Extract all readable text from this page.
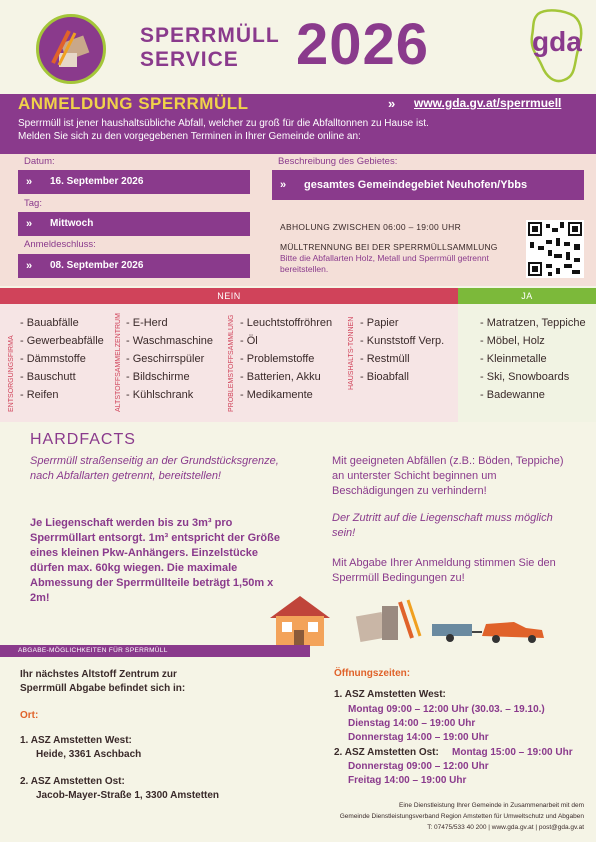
SPERRMÜLL
SERVICE 2026	gda
ANMELDUNG SPERRMÜLL	» www.gda.gv.at/sperrmuell
Sperrmüll ist jener haushaltsübliche Abfall, welcher zu groß für die Abfalltonnen zu Hause ist.
Melden Sie sich zu den vorgegebenen Terminen in Ihrer Gemeinde online an:
Datum:
» 16. September 2026
Tag:
» Mittwoch
Anmeldeschluss:
» 08. September 2026
Beschreibung des Gebietes:
» gesamtes Gemeindegebiet Neuhofen/Ybbs
ABHOLUNG ZWISCHEN 06:00 – 19:00 UHR
MÜLLTRENNUNG BEI DER SPERRMÜLLSAMMLUNG
Bitte die Abfallarten Holz, Metall und Sperrmüll getrennt bereitstellen.
NEIN	JA
ENTSORGUNGSFIRMA
- Bauabfälle
- Gewerbeabfälle
- Dämmstoffe
- Bauschutt
- Reifen	ALTSTOFFSAMMELZENTRUM - E-Herd
- Waschmaschine
- Geschirrspüler
- Bildschirme
- Kühlschrank	PROBLEMSTOFFSAMMLUNG	- Leuchtstoffröhren
- Öl
- Problemstoffe
- Batterien, Akku
- Medikamente
HAUSHALTS-TONNEN	- Papier
- Kunststoff Verp.
- Restmüll
- Bioabfall
- Matratzen, Teppiche
- Möbel, Holz
- Kleinmetalle
- Ski, Snowboards
- Badewanne
HARDFACTS
Sperrmüll straßenseitig an der Grundstücksgrenze, nach Abfallarten getrennt, bereitstellen!
Je Liegenschaft werden bis zu 3m³ pro Sperrmüllart entsorgt. 1m³ entspricht der Größe eines kleinen Pkw-Anhängers. Einzelstücke dürfen max. 60kg wiegen. Die maximale Abmessung der Sperrmüllteile beträgt 1,50m x 2m!
Mit geeigneten Abfällen (z.B.: Böden, Teppiche) an unterster Schicht beginnen um Beschädigungen zu verhindern!
Der Zutritt auf die Liegenschaft muss möglich sein!
Mit Abgabe Ihrer Anmeldung stimmen Sie den Sperrmüll Bedingungen zu!
ABGABE-MÖGLICHKEITEN FÜR SPERRMÜLL
Ihr nächstes Altstoff Zentrum zur
Sperrmüll Abgabe befindet sich in:
Ort:
1. ASZ Amstetten West:
Heide, 3361 Aschbach
2. ASZ Amstetten Ost:
Jacob-Mayer-Straße 1, 3300 Amstetten
Öffnungszeiten:
1. ASZ Amstetten West:
Montag 09:00 – 12:00 Uhr (30.03. – 19.10.)
Dienstag 14:00 – 19:00 Uhr
Donnerstag 14:00 – 19:00 Uhr
2. ASZ Amstetten Ost: Montag 15:00 – 19:00 Uhr
Donnerstag 09:00 – 12:00 Uhr
Freitag 14:00 – 19:00 Uhr
Eine Dienstleistung Ihrer Gemeinde in Zusammenarbeit mit dem
Gemeinde Dienstleistungsverband Region Amstetten für Umweltschutz und Abgaben
T: 07475/533 40 200 | www.gda.gv.at | post@gda.gv.at
